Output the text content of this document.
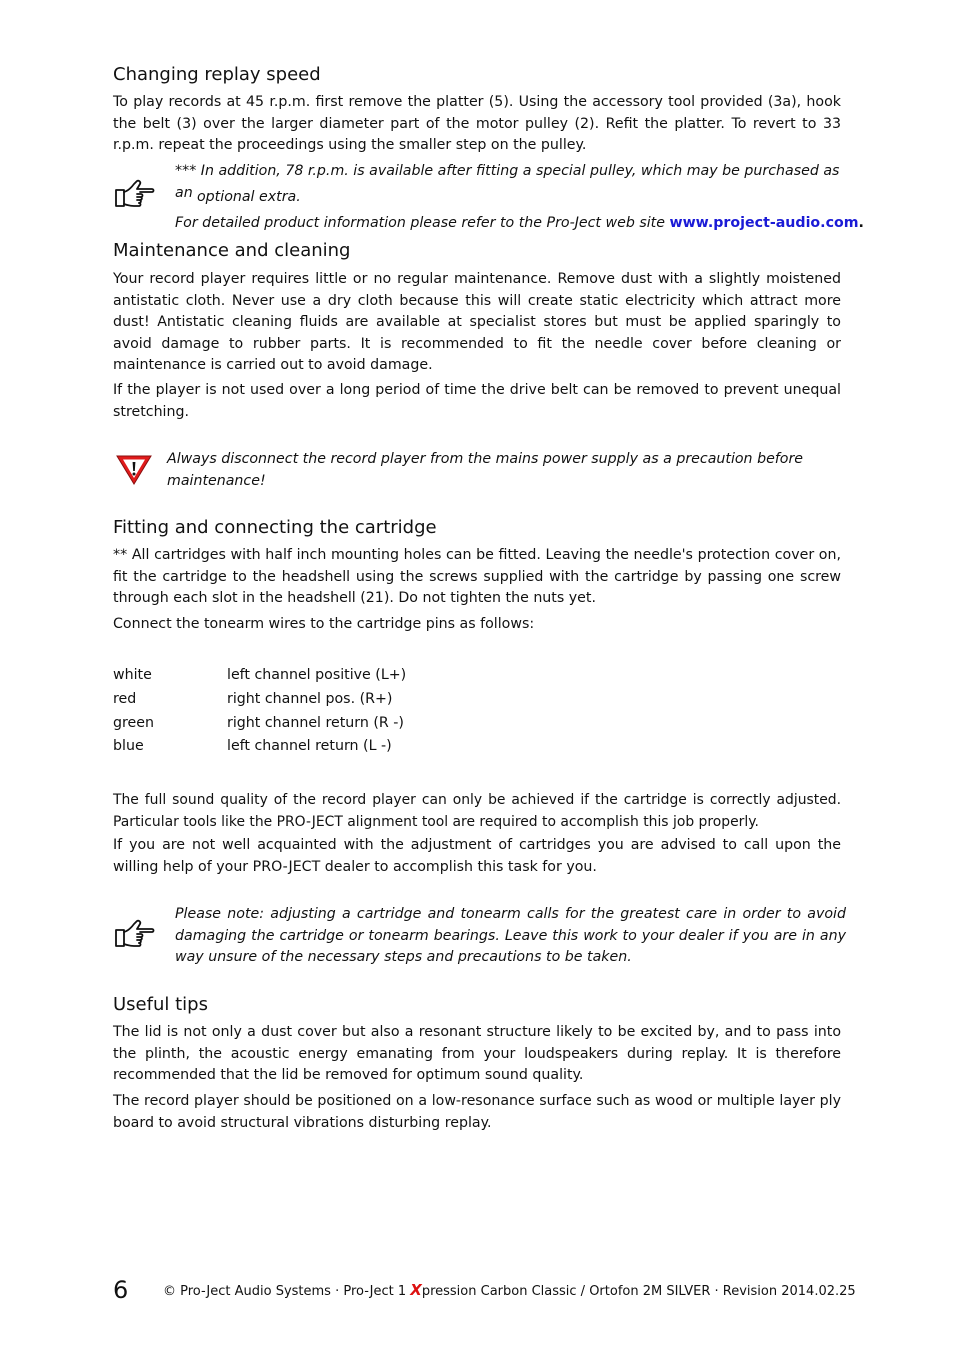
Changing replay speed

To play records at 45 r.p.m. first remove the platter (5). Using the accessory tool provided (3a), hook the belt (3) over the larger diameter part of the motor pulley (2). Refit the platter. To revert to 33 r.p.m. repeat the proceedings using the smaller step on the pulley.

*** In addition, 78 r.p.m. is available after fitting a special pulley, which may be purchased as an optional extra.

For detailed product information please refer to the Pro-Ject web site www.project-audio.com.

Maintenance and cleaning

Your record player requires little or no regular maintenance. Remove dust with a slightly moistened antistatic cloth. Never use a dry cloth because this will create static electricity which attract more dust! Antistatic cleaning fluids are available at specialist stores but must be applied sparingly to avoid damage to rubber parts. It is recommended to fit the needle cover before cleaning or maintenance is carried out to avoid damage.

If the player is not used over a long period of time the drive belt can be removed to prevent unequal stretching.

Always disconnect the record player from the mains power supply as a precaution before maintenance!

Fitting and connecting the cartridge

** All cartridges with half inch mounting holes can be fitted. Leaving the needle's protection cover on, fit the cartridge to the headshell using the screws supplied with the cartridge by passing one screw through each slot in the headshell (21). Do not tighten the nuts yet.

Connect the tonearm wires to the cartridge pins as follows:

white	left channel positive (L+)
red	right channel pos. (R+)
green	right channel return (R -)
blue	left channel return (L -)

The full sound quality of the record player can only be achieved if the cartridge is correctly adjusted. Particular tools like the PRO-JECT alignment tool are required to accomplish this job properly.

If you are not well acquainted with the adjustment of cartridges you are advised to call upon the willing help of your PRO-JECT dealer to accomplish this task for you.

Please note: adjusting a cartridge and tonearm calls for the greatest care in order to avoid damaging the cartridge or tonearm bearings. Leave this work to your dealer if you are in any way unsure of the necessary steps and precautions to be taken.

Useful tips

The lid is not only a dust cover but also a resonant structure likely to be excited by, and to pass into the plinth, the acoustic energy emanating from your loudspeakers during replay. It is therefore recommended that the lid be removed for optimum sound quality.

The record player should be positioned on a low-resonance surface such as wood or multiple layer ply board to avoid structural vibrations disturbing replay.

6	© Pro-Ject Audio Systems · Pro-Ject 1 Xpression Carbon Classic / Ortofon 2M SILVER · Revision 2014.02.25
